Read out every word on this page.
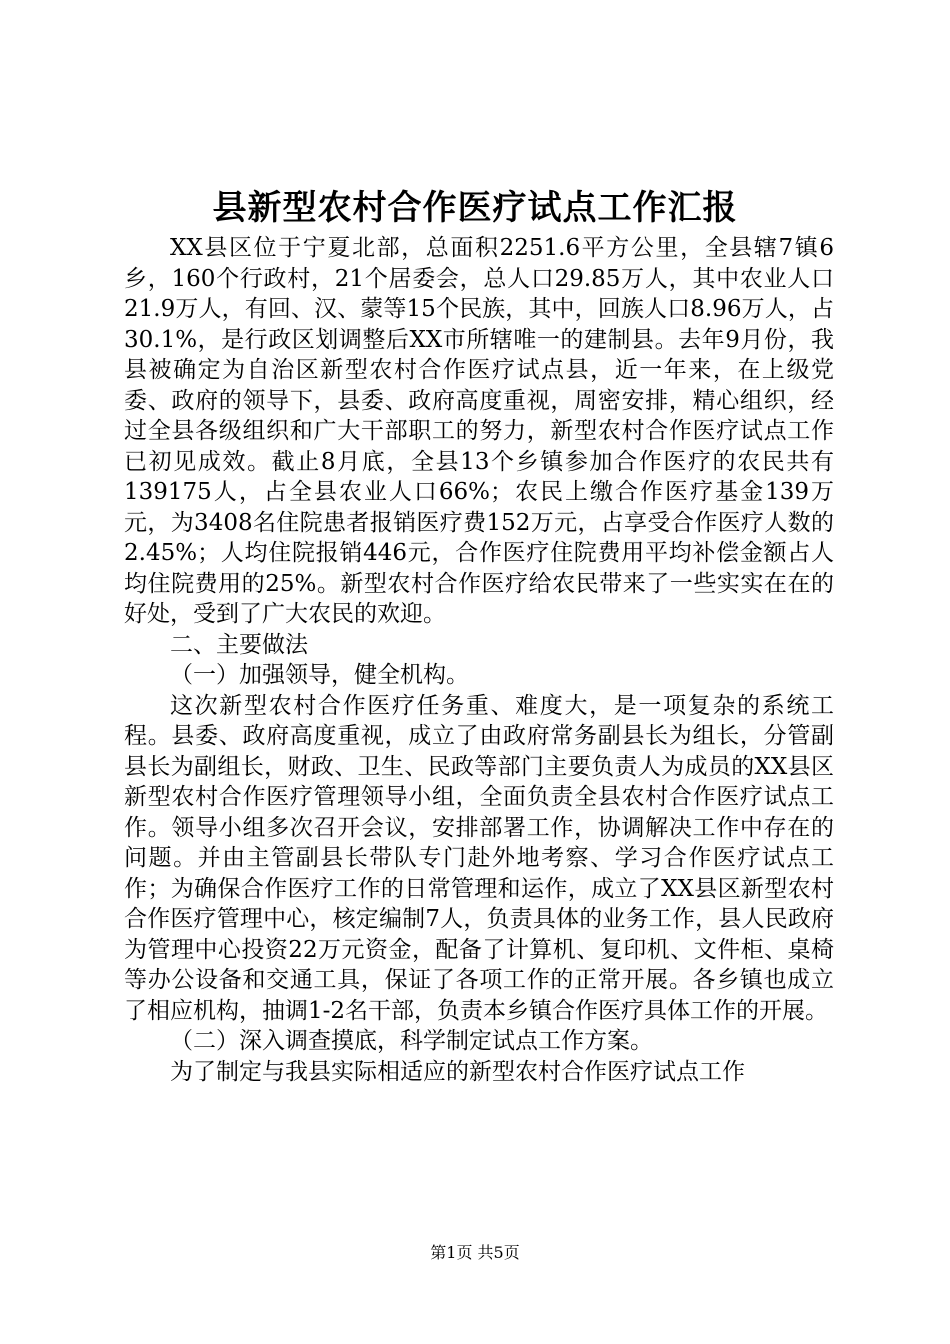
县新型农村合作医疗试点工作汇报

XX县区位于宁夏北部，总面积2251.6平方公里，全县辖7镇6乡，160个行政村，21个居委会，总人口29.85万人，其中农业人口21.9万人，有回、汉、蒙等15个民族，其中，回族人口8.96万人，占30.1%，是行政区划调整后XX市所辖唯一的建制县。去年9月份，我县被确定为自治区新型农村合作医疗试点县，近一年来，在上级党委、政府的领导下，县委、政府高度重视，周密安排，精心组织，经过全县各级组织和广大干部职工的努力，新型农村合作医疗试点工作已初见成效。截止8月底，全县13个乡镇参加合作医疗的农民共有139175人，占全县农业人口66%；农民上缴合作医疗基金139万元，为3408名住院患者报销医疗费152万元，占享受合作医疗人数的2.45%；人均住院报销446元，合作医疗住院费用平均补偿金额占人均住院费用的25%。新型农村合作医疗给农民带来了一些实实在在的好处，受到了广大农民的欢迎。

二、主要做法

（一）加强领导，健全机构。

这次新型农村合作医疗任务重、难度大，是一项复杂的系统工程。县委、政府高度重视，成立了由政府常务副县长为组长，分管副县长为副组长，财政、卫生、民政等部门主要负责人为成员的XX县区新型农村合作医疗管理领导小组，全面负责全县农村合作医疗试点工作。领导小组多次召开会议，安排部署工作，协调解决工作中存在的问题。并由主管副县长带队专门赴外地考察、学习合作医疗试点工作；为确保合作医疗工作的日常管理和运作，成立了XX县区新型农村合作医疗管理中心，核定编制7人，负责具体的业务工作，县人民政府为管理中心投资22万元资金，配备了计算机、复印机、文件柜、桌椅等办公设备和交通工具，保证了各项工作的正常开展。各乡镇也成立了相应机构，抽调1-2名干部，负责本乡镇合作医疗具体工作的开展。

（二）深入调查摸底，科学制定试点工作方案。

为了制定与我县实际相适应的新型农村合作医疗试点工作

第1页 共5页
